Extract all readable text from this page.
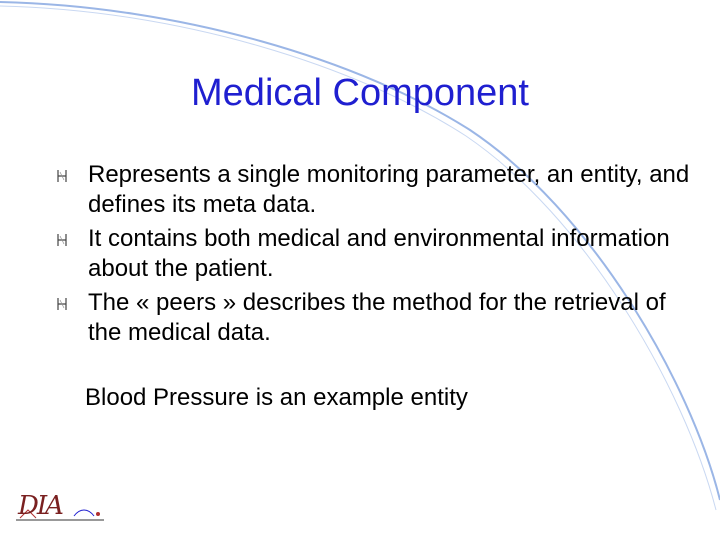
Medical Component
Represents a single monitoring parameter, an entity, and defines its meta data.
It contains both medical and environmental information about the patient.
The « peers » describes the method for the retrieval of the medical data.
Blood Pressure is an example entity
DIA
